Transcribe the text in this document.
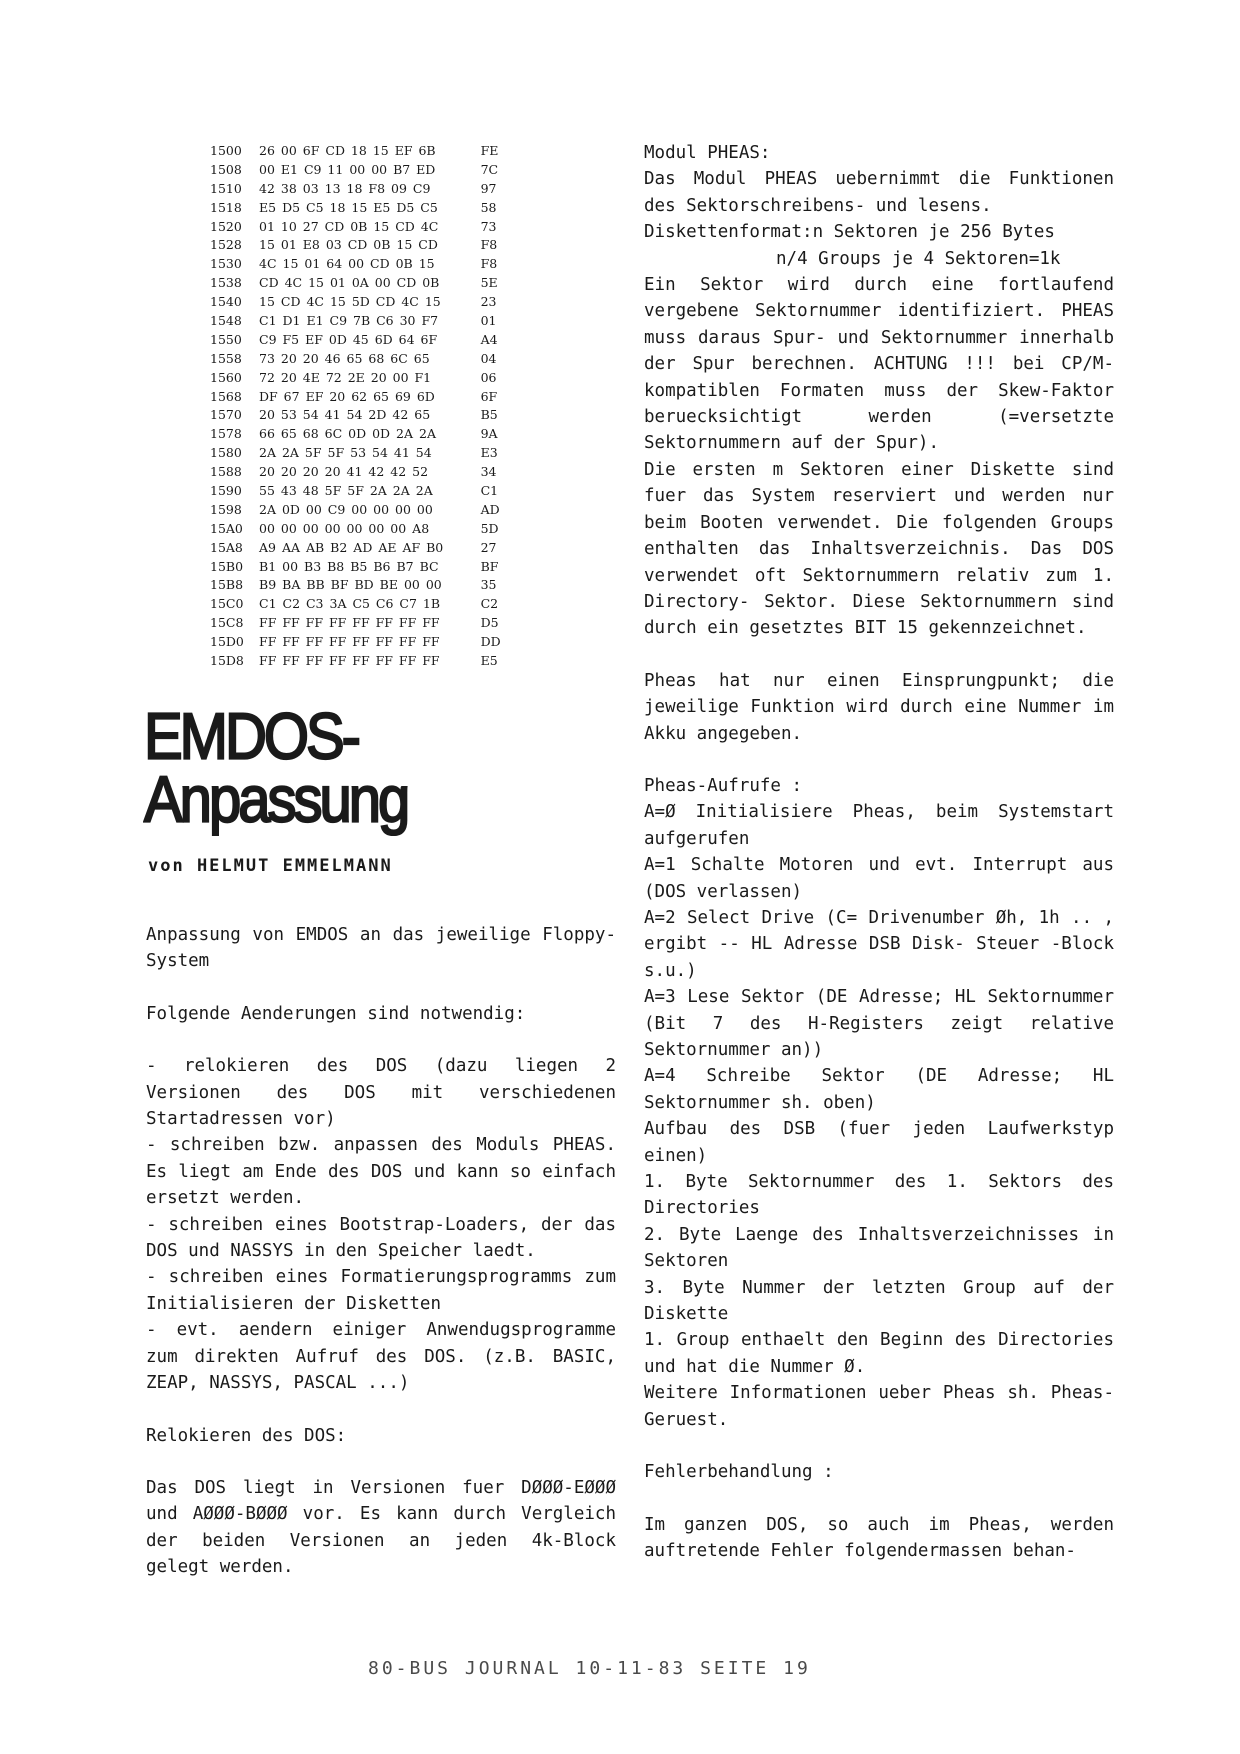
1500	26 00 6F CD 18 15 EF 6B	FE
1508	00 E1 C9 11 00 00 B7 ED	7C
1510	42 38 03 13 18 F8 09 C9	97
1518	E5 D5 C5 18 15 E5 D5 C5	58
1520	01 10 27 CD 0B 15 CD 4C	73
1528	15 01 E8 03 CD 0B 15 CD	F8
1530	4C 15 01 64 00 CD 0B 15	F8
1538	CD 4C 15 01 0A 00 CD 0B	5E
1540	15 CD 4C 15 5D CD 4C 15	23
1548	C1 D1 E1 C9 7B C6 30 F7	01
1550	C9 F5 EF 0D 45 6D 64 6F	A4
1558	73 20 20 46 65 68 6C 65	04
1560	72 20 4E 72 2E 20 00 F1	06
1568	DF 67 EF 20 62 65 69 6D	6F
1570	20 53 54 41 54 2D 42 65	B5
1578	66 65 68 6C 0D 0D 2A 2A	9A
1580	2A 2A 5F 5F 53 54 41 54	E3
1588	20 20 20 20 41 42 42 52	34
1590	55 43 48 5F 5F 2A 2A 2A	C1
1598	2A 0D 00 C9 00 00 00 00	AD
15A0	00 00 00 00 00 00 00 A8	5D
15A8	A9 AA AB B2 AD AE AF B0	27
15B0	B1 00 B3 B8 B5 B6 B7 BC	BF
15B8	B9 BA BB BF BD BE 00 00	35
15C0	C1 C2 C3 3A C5 C6 C7 1B	C2
15C8	FF FF FF FF FF FF FF FF	D5
15D0	FF FF FF FF FF FF FF FF	DD
15D8	FF FF FF FF FF FF FF FF	E5
EMDOS-
Anpassung
von HELMUT EMMELMANN

Anpassung von EMDOS an das jeweilige Floppy-System

Folgende Aenderungen sind notwendig:

- relokieren des DOS (dazu liegen 2 Versionen des DOS mit verschiedenen Startadressen vor)

- schreiben bzw. anpassen des Moduls PHEAS. Es liegt am Ende des DOS und kann so einfach ersetzt werden.

- schreiben eines Bootstrap-Loaders, der das DOS und NASSYS in den Speicher laedt.

- schreiben eines Formatierungsprogramms zum Initialisieren der Disketten

- evt. aendern einiger Anwendugsprogramme zum direkten Aufruf des DOS. (z.B. BASIC, ZEAP, NASSYS, PASCAL ...)

Relokieren des DOS:

Das DOS liegt in Versionen fuer DØØØ-EØØØ und AØØØ-BØØØ vor. Es kann durch Vergleich der beiden Versionen an jeden 4k-Block gelegt werden.

Modul PHEAS:

Das Modul PHEAS uebernimmt die Funktionen des Sektorschreibens- und lesens.

Diskettenformat:n Sektoren je 256 Bytes

n/4 Groups je 4 Sektoren=1k

Ein Sektor wird durch eine fortlaufend vergebene Sektornummer identifiziert. PHEAS muss daraus Spur- und Sektornummer innerhalb der Spur berechnen. ACHTUNG !!! bei CP/M-kompatiblen Formaten muss der Skew-Faktor beruecksichtigt werden (=versetzte Sektornummern auf der Spur).

Die ersten m Sektoren einer Diskette sind fuer das System reserviert und werden nur beim Booten verwendet. Die folgenden Groups enthalten das Inhaltsverzeichnis. Das DOS verwendet oft Sektornummern relativ zum 1. Directory- Sektor. Diese Sektornummern sind durch ein gesetztes BIT 15 gekennzeichnet.

Pheas hat nur einen Einsprungpunkt; die jeweilige Funktion wird durch eine Nummer im Akku angegeben.

Pheas-Aufrufe :

A=Ø Initialisiere Pheas, beim Systemstart aufgerufen

A=1 Schalte Motoren und evt. Interrupt aus (DOS verlassen)

A=2 Select Drive (C= Drivenumber Øh, 1h .. , ergibt -- HL Adresse DSB Disk- Steuer -Block s.u.)

A=3 Lese Sektor (DE Adresse; HL Sektornummer (Bit 7 des H-Registers zeigt relative Sektornummer an))

A=4 Schreibe Sektor (DE Adresse; HL Sektornummer sh. oben)

Aufbau des DSB (fuer jeden Laufwerkstyp einen)

1. Byte Sektornummer des 1. Sektors des Directories

2. Byte Laenge des Inhaltsverzeichnisses in Sektoren

3. Byte Nummer der letzten Group auf der Diskette

1. Group enthaelt den Beginn des Directories und hat die Nummer Ø.

Weitere Informationen ueber Pheas sh. Pheas-Geruest.

Fehlerbehandlung :

Im ganzen DOS, so auch im Pheas, werden auftretende Fehler folgendermassen behan-

80-BUS JOURNAL 10-11-83 SEITE 19
